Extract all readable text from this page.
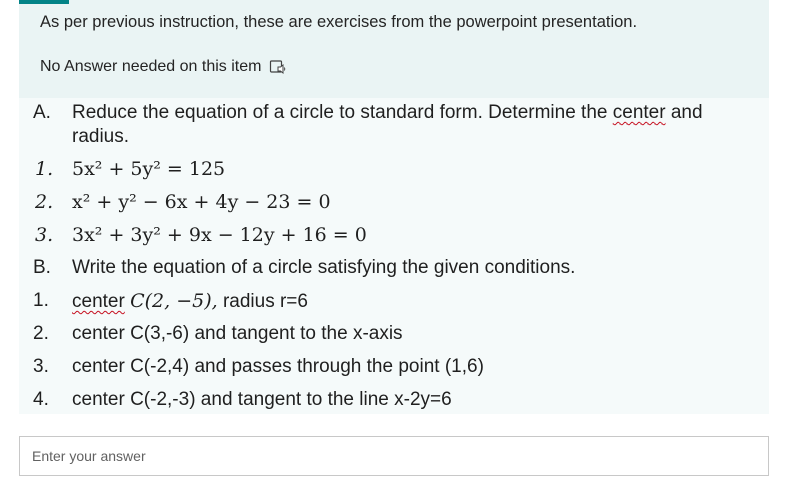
As per previous instruction, these are exercises from the powerpoint presentation.
No Answer needed on this item
A.	Reduce the equation of a circle to standard form. Determine the center and
radius.
1. 5x² + 5y² = 125
2. x² + y² − 6x + 4y − 23 = 0
3. 3x² + 3y² + 9x − 12y + 16 = 0
B.	Write the equation of a circle satisfying the given conditions.
1.	center C(2, −5), radius r=6
2.	center C(3,-6) and tangent to the x-axis
3.	center C(-2,4) and passes through the point (1,6)
4.	center C(-2,-3) and tangent to the line x-2y=6
Enter your answer
